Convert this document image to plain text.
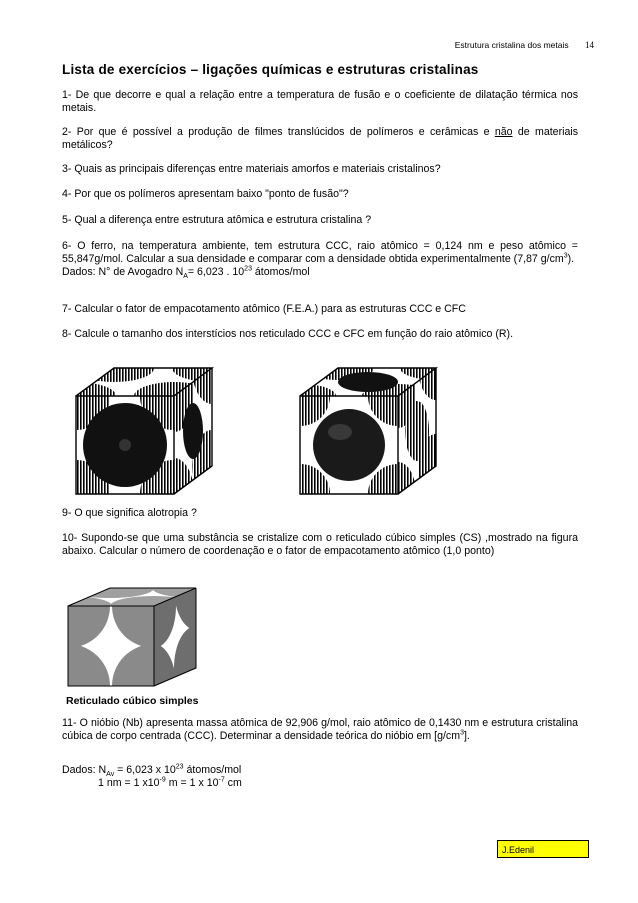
Estrutura cristalina dos metais 14
Lista de exercícios – ligações químicas e estruturas cristalinas
1- De que decorre e qual a relação entre a temperatura de fusão e o coeficiente de dilatação térmica nos metais.
2- Por que é possível a produção de filmes translúcidos de polímeros e cerâmicas e não de materiais metálicos?
3- Quais as principais diferenças entre materiais amorfos e materiais cristalinos?
4- Por que os polímeros apresentam baixo "ponto de fusão"?
5- Qual a diferença entre estrutura atômica e estrutura cristalina ?
6- O ferro, na temperatura ambiente, tem estrutura CCC, raio atômico = 0,124 nm e peso atômico = 55,847g/mol. Calcular a sua densidade e comparar com a densidade obtida experimentalmente (7,87 $g/cm^3$).
Dados: N° de Avogadro $N_A= 6,023$ . $10^{23}$ átomos/mol
7- Calcular o fator de empacotamento atômico (F.E.A.) para as estruturas CCC e CFC
8- Calcule o tamanho dos interstícios nos reticulado CCC e CFC em função do raio atômico (R).
9- O que significa alotropia ?
10- Supondo-se que uma substância se cristalize com o reticulado cúbico simples (CS) ,mostrado na figura abaixo. Calcular o número de coordenação e o fator de empacotamento atômico (1,0 ponto)
Reticulado cúbico simples
11- O nióbio (Nb) apresenta massa atômica de 92,906 g/mol, raio atômico de 0,1430 nm e estrutura cristalina cúbica de corpo centrada (CCC). Determinar a densidade teórica do nióbio em $[g/cm^3]$.
Dados: $N_{Av} = 6,023$ x $10^{23}$ átomos/mol
1 nm = 1 $x10^{-9}$ m = 1 x $10^{-7}$ cm
J.Edenil
